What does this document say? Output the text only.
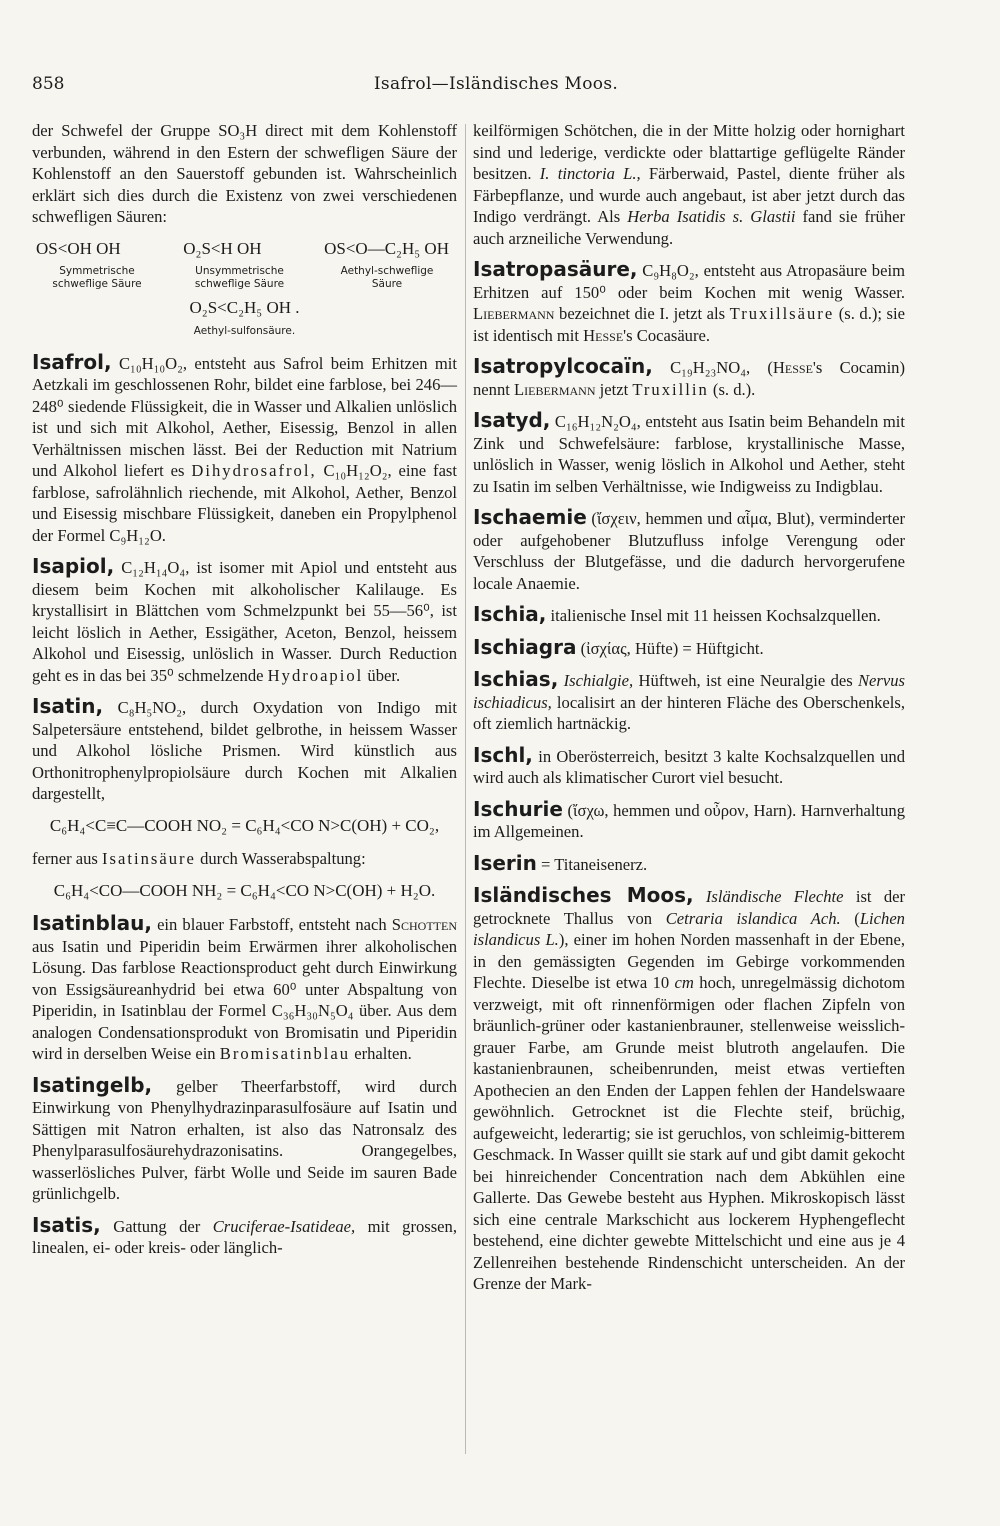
858	Isafrol—Isländisches Moos.

der Schwefel der Gruppe SO₃H direct mit dem Kohlenstoff verbunden, während in den Estern der schwefligen Säure der Kohlenstoff an den Sauerstoff gebunden ist. Wahrscheinlich erklärt sich dies durch die Existenz von zwei verschiedenen schwefligen Säuren:

OS<OH OH	O₂S<H OH	OS<O—C₂H₅ OH
Symmetrische schweflige Säure
Unsymmetrische schweflige Säure
Aethyl-schweflige Säure
O₂S<C₂H₅ OH .
Aethyl-sulfonsäure.

Isafrol, C₁₀H₁₀O₂, entsteht aus Safrol beim Erhitzen mit Aetzkali im geschlossenen Rohr, bildet eine farblose, bei 246—248⁰ siedende Flüssigkeit, die in Wasser und Alkalien unlöslich ist und sich mit Alkohol, Aether, Eisessig, Benzol in allen Verhältnissen mischen lässt. Bei der Reduction mit Natrium und Alkohol liefert es Dihydrosafrol, C₁₀H₁₂O₂, eine fast farblose, safrolähnlich riechende, mit Alkohol, Aether, Benzol und Eisessig mischbare Flüssigkeit, daneben ein Propylphenol der Formel C₉H₁₂O.

Isapiol, C₁₂H₁₄O₄, ist isomer mit Apiol und entsteht aus diesem beim Kochen mit alkoholischer Kalilauge. Es krystallisirt in Blättchen vom Schmelzpunkt bei 55—56⁰, ist leicht löslich in Aether, Essigäther, Aceton, Benzol, heissem Alkohol und Eisessig, unlöslich in Wasser. Durch Reduction geht es in das bei 35⁰ schmelzende Hydroapiol über.

Isatin, C₈H₅NO₂, durch Oxydation von Indigo mit Salpetersäure entstehend, bildet gelbrothe, in heissem Wasser und Alkohol lösliche Prismen. Wird künstlich aus Orthonitrophenylpropiolsäure durch Kochen mit Alkalien dargestellt,

C₆H₄<C≡C—COOH NO₂ = C₆H₄<CO N>C(OH) + CO₂,

ferner aus Isatinsäure durch Wasserabspaltung:

C₆H₄<CO—COOH NH₂ = C₆H₄<CO N>C(OH) + H₂O.

Isatinblau, ein blauer Farbstoff, entsteht nach Schotten aus Isatin und Piperidin beim Erwärmen ihrer alkoholischen Lösung. Das farblose Reactionsproduct geht durch Einwirkung von Essigsäureanhydrid bei etwa 60⁰ unter Abspaltung von Piperidin, in Isatinblau der Formel C₃₆H₃₀N₅O₄ über. Aus dem analogen Condensationsprodukt von Bromisatin und Piperidin wird in derselben Weise ein Bromisatinblau erhalten.

Isatingelb, gelber Theerfarbstoff, wird durch Einwirkung von Phenylhydrazinparasulfosäure auf Isatin und Sättigen mit Natron erhalten, ist also das Natronsalz des Phenylparasulfosäurehydrazonisatins. Orangegelbes, wasserlösliches Pulver, färbt Wolle und Seide im sauren Bade grünlichgelb.

Isatis, Gattung der Cruciferae-Isatideae, mit grossen, linealen, ei- oder kreis- oder länglich-

keilförmigen Schötchen, die in der Mitte holzig oder hornighart sind und lederige, verdickte oder blattartige geflügelte Ränder besitzen. I. tinctoria L., Färberwaid, Pastel, diente früher als Färbepflanze, und wurde auch angebaut, ist aber jetzt durch das Indigo verdrängt. Als Herba Isatidis s. Glastii fand sie früher auch arzneiliche Verwendung.

Isatropasäure, C₉H₈O₂, entsteht aus Atropasäure beim Erhitzen auf 150⁰ oder beim Kochen mit wenig Wasser. Liebermann bezeichnet die I. jetzt als Truxillsäure (s. d.); sie ist identisch mit Hesse's Cocasäure.

Isatropylcocaïn, C₁₉H₂₃NO₄, (Hesse's Cocamin) nennt Liebermann jetzt Truxillin (s. d.).

Isatyd, C₁₆H₁₂N₂O₄, entsteht aus Isatin beim Behandeln mit Zink und Schwefelsäure: farblose, krystallinische Masse, unlöslich in Wasser, wenig löslich in Alkohol und Aether, steht zu Isatin im selben Verhältnisse, wie Indigweiss zu Indigblau.

Ischaemie (ἴσχειν, hemmen und αἷμα, Blut), verminderter oder aufgehobener Blutzufluss infolge Verengung oder Verschluss der Blutgefässe, und die dadurch hervorgerufene locale Anaemie.

Ischia, italienische Insel mit 11 heissen Kochsalzquellen.

Ischiagra (ἰσχίας, Hüfte) = Hüftgicht.

Ischias, Ischialgie, Hüftweh, ist eine Neuralgie des Nervus ischiadicus, localisirt an der hinteren Fläche des Oberschenkels, oft ziemlich hartnäckig.

Ischl, in Oberösterreich, besitzt 3 kalte Kochsalzquellen und wird auch als klimatischer Curort viel besucht.

Ischurie (ἴσχω, hemmen und οὖρον, Harn). Harnverhaltung im Allgemeinen.

Iserin = Titaneisenerz.

Isländisches Moos, Isländische Flechte ist der getrocknete Thallus von Cetraria islandica Ach. (Lichen islandicus L.), einer im hohen Norden massenhaft in der Ebene, in den gemässigten Gegenden im Gebirge vorkommenden Flechte. Dieselbe ist etwa 10 cm hoch, unregelmässig dichotom verzweigt, mit oft rinnenförmigen oder flachen Zipfeln von bräunlich-grüner oder kastanienbrauner, stellenweise weisslich-grauer Farbe, am Grunde meist blutroth angelaufen. Die kastanienbraunen, scheibenrunden, meist etwas vertieften Apothecien an den Enden der Lappen fehlen der Handelswaare gewöhnlich. Getrocknet ist die Flechte steif, brüchig, aufgeweicht, lederartig; sie ist geruchlos, von schleimig-bitterem Geschmack. In Wasser quillt sie stark auf und gibt damit gekocht bei hinreichender Concentration nach dem Abkühlen eine Gallerte. Das Gewebe besteht aus Hyphen. Mikroskopisch lässt sich eine centrale Markschicht aus lockerem Hyphengeflecht bestehend, eine dichter gewebte Mittelschicht und eine aus je 4 Zellenreihen bestehende Rindenschicht unterscheiden. An der Grenze der Mark-
